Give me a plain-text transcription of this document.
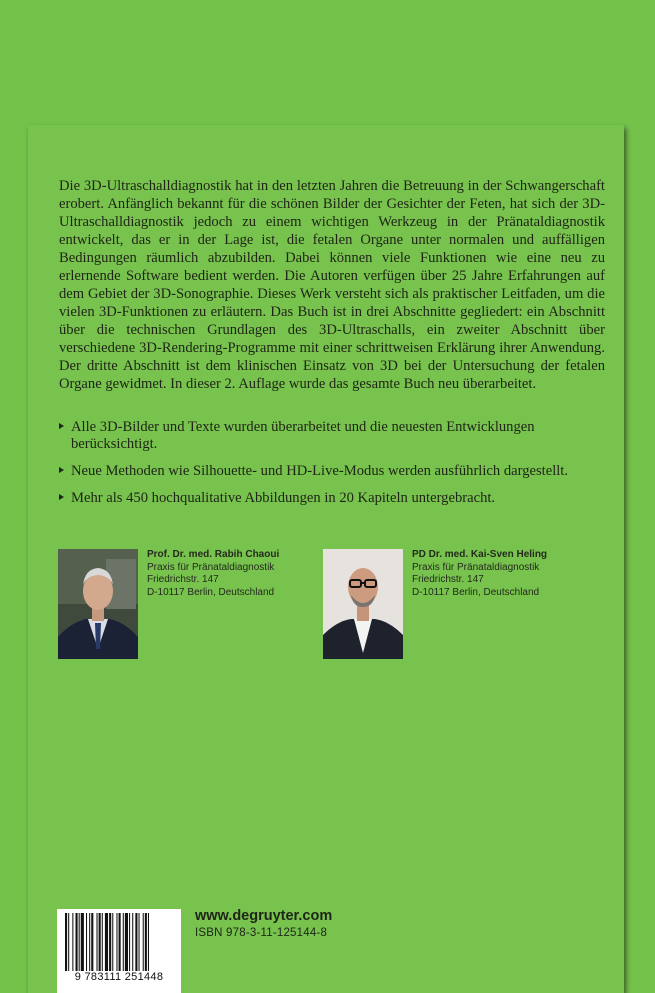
Die 3D-Ultraschalldiagnostik hat in den letzten Jahren die Betreuung in der Schwangerschaft erobert. Anfänglich bekannt für die schönen Bilder der Gesichter der Feten, hat sich der 3D-Ultraschalldiagnostik jedoch zu einem wichtigen Werkzeug in der Pränataldiagnostik entwickelt, das er in der Lage ist, die fetalen Organe unter normalen und auffälligen Bedingungen räumlich abzubilden. Dabei können viele Funktionen wie eine neu zu erlernende Software bedient werden. Die Autoren verfügen über 25 Jahre Erfahrungen auf dem Gebiet der 3D-Sonographie. Dieses Werk versteht sich als praktischer Leitfaden, um die vielen 3D-Funktionen zu erläutern. Das Buch ist in drei Abschnitte gegliedert: ein Abschnitt über die technischen Grundlagen des 3D-Ultraschalls, ein zweiter Abschnitt über verschiedene 3D-Rendering-Programme mit einer schrittweisen Erklärung ihrer Anwendung. Der dritte Abschnitt ist dem klinischen Einsatz von 3D bei der Untersuchung der fetalen Organe gewidmet. In dieser 2. Auflage wurde das gesamte Buch neu überarbeitet.

Alle 3D-Bilder und Texte wurden überarbeitet und die neuesten Entwicklungen berücksichtigt.
Neue Methoden wie Silhouette- und HD-Live-Modus werden ausführlich dargestellt.
Mehr als 450 hochqualitative Abbildungen in 20 Kapiteln untergebracht.
Prof. Dr. med. Rabih Chaoui
Praxis für Pränataldiagnostik
Friedrichstr. 147
D-10117 Berlin, Deutschland
PD Dr. med. Kai-Sven Heling
Praxis für Pränataldiagnostik
Friedrichstr. 147
D-10117 Berlin, Deutschland
9 783111 251448
www.degruyter.com
ISBN 978-3-11-125144-8
